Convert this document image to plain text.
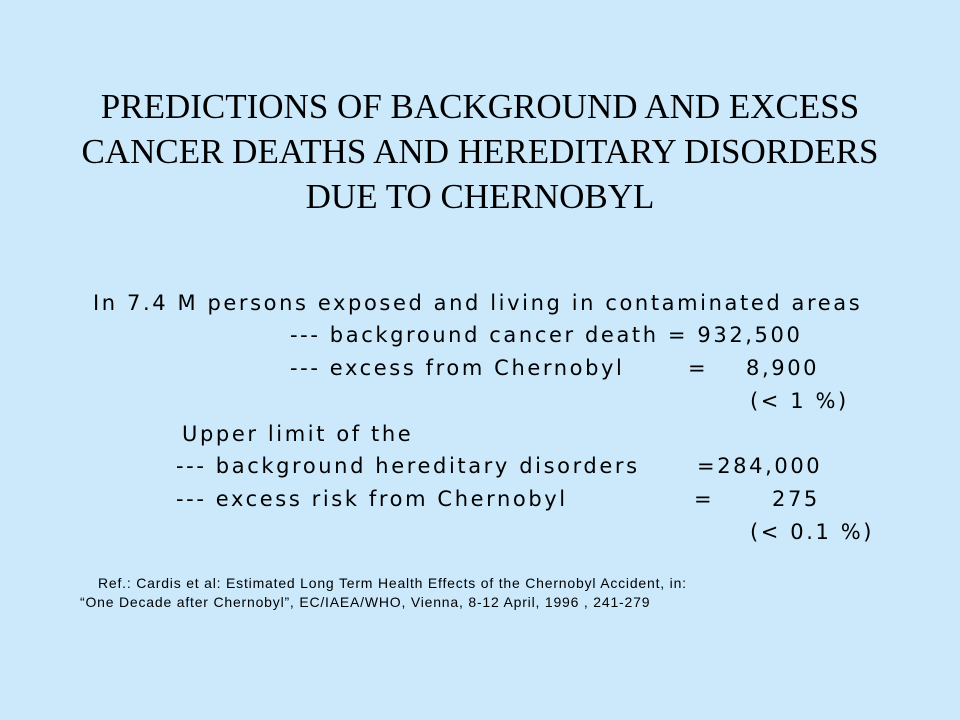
PREDICTIONS OF BACKGROUND AND EXCESS
CANCER DEATHS AND HEREDITARY DISORDERS
DUE TO CHERNOBYL

In 7.4 M persons exposed and living in contaminated areas

--- background cancer death = 932,500

--- excess from Chernobyl	= 8,900

(< 1 %)

Upper limit of the

--- background hereditary disorders	=284,000

--- excess risk from Chernobyl	=	275

(< 0.1 %)

Ref.: Cardis et al: Estimated Long Term Health Effects of the Chernobyl Accident, in:

“One Decade after Chernobyl”, EC/IAEA/WHO, Vienna, 8-12 April, 1996 , 241-279
